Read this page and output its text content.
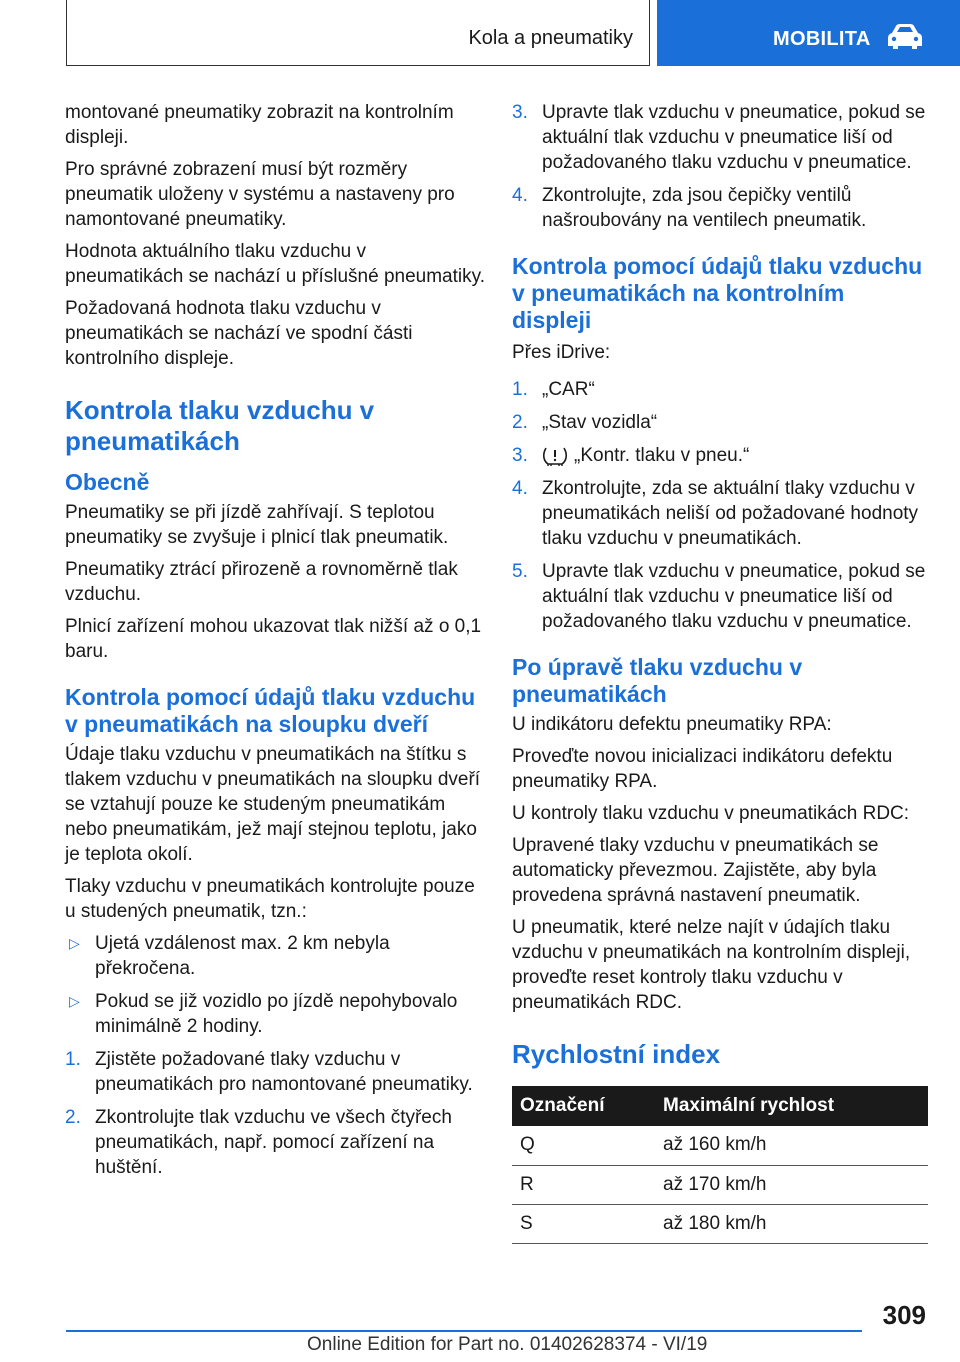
Kola a pneumatiky	MOBILITA

montované pneumatiky zobrazit na kontrolním displeji.

Pro správné zobrazení musí být rozměry pneumatik uloženy v systému a nastaveny pro namontované pneumatiky.

Hodnota aktuálního tlaku vzduchu v pneumatikách se nachází u příslušné pneumatiky.

Požadovaná hodnota tlaku vzduchu v pneumatikách se nachází ve spodní části kontrolního displeje.

Kontrola tlaku vzduchu v pneumatikách
Obecně

Pneumatiky se při jízdě zahřívají. S teplotou pneumatiky se zvyšuje i plnicí tlak pneumatik.

Pneumatiky ztrácí přirozeně a rovnoměrně tlak vzduchu.

Plnicí zařízení mohou ukazovat tlak nižší až o 0,1 baru.

Kontrola pomocí údajů tlaku vzduchu v pneumatikách na sloupku dveří

Údaje tlaku vzduchu v pneumatikách na štítku s tlakem vzduchu v pneumatikách na sloupku dveří se vztahují pouze ke studeným pneumatikám nebo pneumatikám, jež mají stejnou teplotu, jako je teplota okolí.

Tlaky vzduchu v pneumatikách kontrolujte pouze u studených pneumatik, tzn.:

▷ Ujetá vzdálenost max. 2 km nebyla překročena.
▷ Pokud se již vozidlo po jízdě nepohybovalo minimálně 2 hodiny.
1. Zjistěte požadované tlaky vzduchu v pneumatikách pro namontované pneumatiky.
2. Zkontrolujte tlak vzduchu ve všech čtyřech pneumatikách, např. pomocí zařízení na huštění.
3. Upravte tlak vzduchu v pneumatice, pokud se aktuální tlak vzduchu v pneumatice liší od požadovaného tlaku vzduchu v pneumatice.
4. Zkontrolujte, zda jsou čepičky ventilů našroubovány na ventilech pneumatik.
Kontrola pomocí údajů tlaku vzduchu v pneumatikách na kontrolním displeji

Přes iDrive:

1. „CAR“
2. „Stav vozidla“
3. „Kontr. tlaku v pneu.“
4. Zkontrolujte, zda se aktuální tlaky vzduchu v pneumatikách neliší od požadované hodnoty tlaku vzduchu v pneumatikách.
5. Upravte tlak vzduchu v pneumatice, pokud se aktuální tlak vzduchu v pneumatice liší od požadovaného tlaku vzduchu v pneumatice.
Po úpravě tlaku vzduchu v pneumatikách

U indikátoru defektu pneumatiky RPA:

Proveďte novou inicializaci indikátoru defektu pneumatiky RPA.

U kontroly tlaku vzduchu v pneumatikách RDC:

Upravené tlaky vzduchu v pneumatikách se automaticky převezmou. Zajistěte, aby byla provedena správná nastavení pneumatik.

U pneumatik, které nelze najít v údajích tlaku vzduchu v pneumatikách na kontrolním displeji, proveďte reset kontroly tlaku vzduchu v pneumatikách RDC.

Rychlostní index
Označení	Maximální rychlost
Q	až 160 km/h
R	až 170 km/h
S	až 180 km/h
309
Online Edition for Part no. 01402628374 - VI/19
